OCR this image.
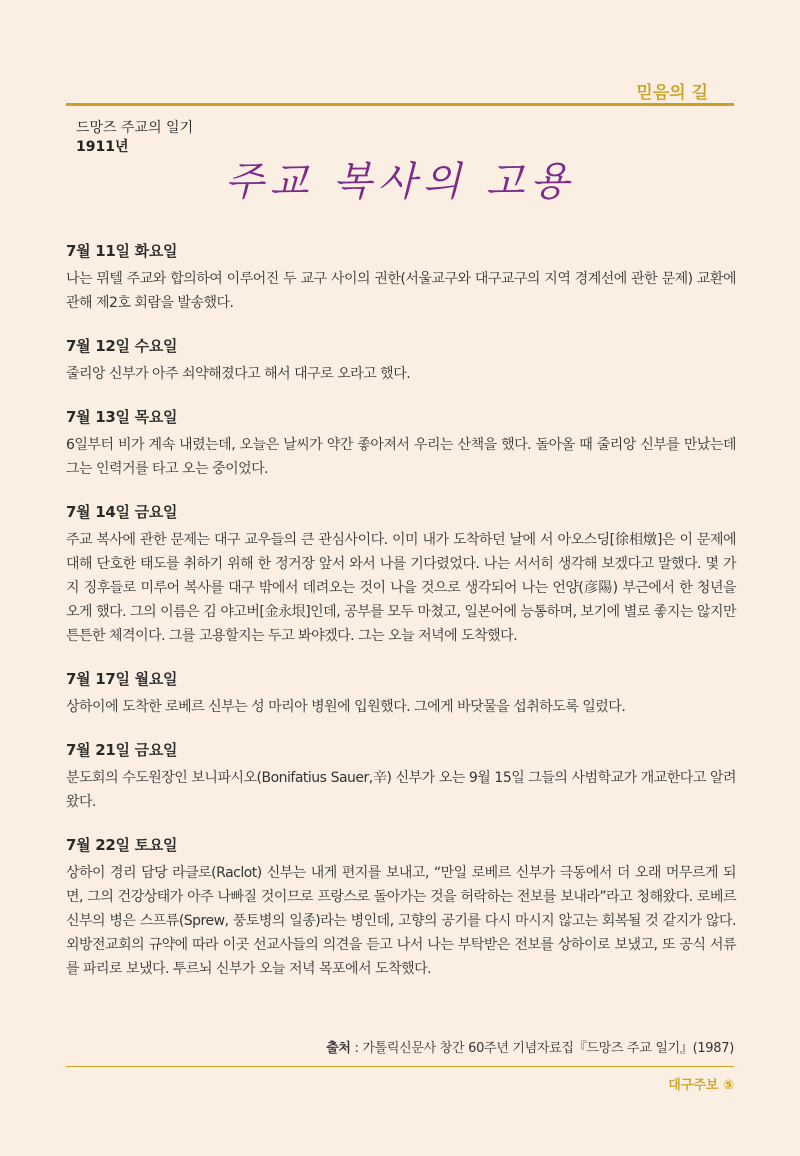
믿음의 길
드망즈 주교의 일기
1911년
주교 복사의 고용
7월 11일 화요일

나는 뮈텔 주교와 합의하여 이루어진 두 교구 사이의 권한(서울교구와 대구교구의 지역 경계선에 관한 문제) 교환에 관해 제2호 회람을 발송했다.

7월 12일 수요일

줄리앙 신부가 아주 쇠약해졌다고 해서 대구로 오라고 했다.

7월 13일 목요일

6일부터 비가 계속 내렸는데, 오늘은 날씨가 약간 좋아져서 우리는 산책을 했다. 돌아올 때 줄리앙 신부를 만났는데 그는 인력거를 타고 오는 중이었다.

7월 14일 금요일

주교 복사에 관한 문제는 대구 교우들의 큰 관심사이다. 이미 내가 도착하던 날에 서 아오스딩[徐相燉]은 이 문제에 대해 단호한 태도를 취하기 위해 한 정거장 앞서 와서 나를 기다렸었다. 나는 서서히 생각해 보겠다고 말했다. 몇 가지 징후들로 미루어 복사를 대구 밖에서 데려오는 것이 나을 것으로 생각되어 나는 언양(彦陽) 부근에서 한 청년을 오게 했다. 그의 이름은 김 야고버[金永垠]인데, 공부를 모두 마쳤고, 일본어에 능통하며, 보기에 별로 좋지는 않지만 튼튼한 체격이다. 그를 고용할지는 두고 봐야겠다. 그는 오늘 저녁에 도착했다.

7월 17일 월요일

상하이에 도착한 로베르 신부는 성 마리아 병원에 입원했다. 그에게 바닷물을 섭취하도록 일렀다.

7월 21일 금요일

분도회의 수도원장인 보니파시오(Bonifatius Sauer,辛) 신부가 오는 9월 15일 그들의 사범학교가 개교한다고 알려왔다.

7월 22일 토요일

상하이 경리 담당 라클로(Raclot) 신부는 내게 편지를 보내고, “만일 로베르 신부가 극동에서 더 오래 머무르게 되면, 그의 건강상태가 아주 나빠질 것이므로 프랑스로 돌아가는 것을 허락하는 전보를 보내라”라고 청해왔다. 로베르 신부의 병은 스프류(Sprew, 풍토병의 일종)라는 병인데, 고향의 공기를 다시 마시지 않고는 회복될 것 같지가 않다. 외방전교회의 규약에 따라 이곳 선교사들의 의견을 듣고 나서 나는 부탁받은 전보를 상하이로 보냈고, 또 공식 서류를 파리로 보냈다. 투르뇌 신부가 오늘 저녁 목포에서 도착했다.

출처 : 가톨릭신문사 창간 60주년 기념자료집『드망즈 주교 일기』(1987)
대구주보 ⑤
